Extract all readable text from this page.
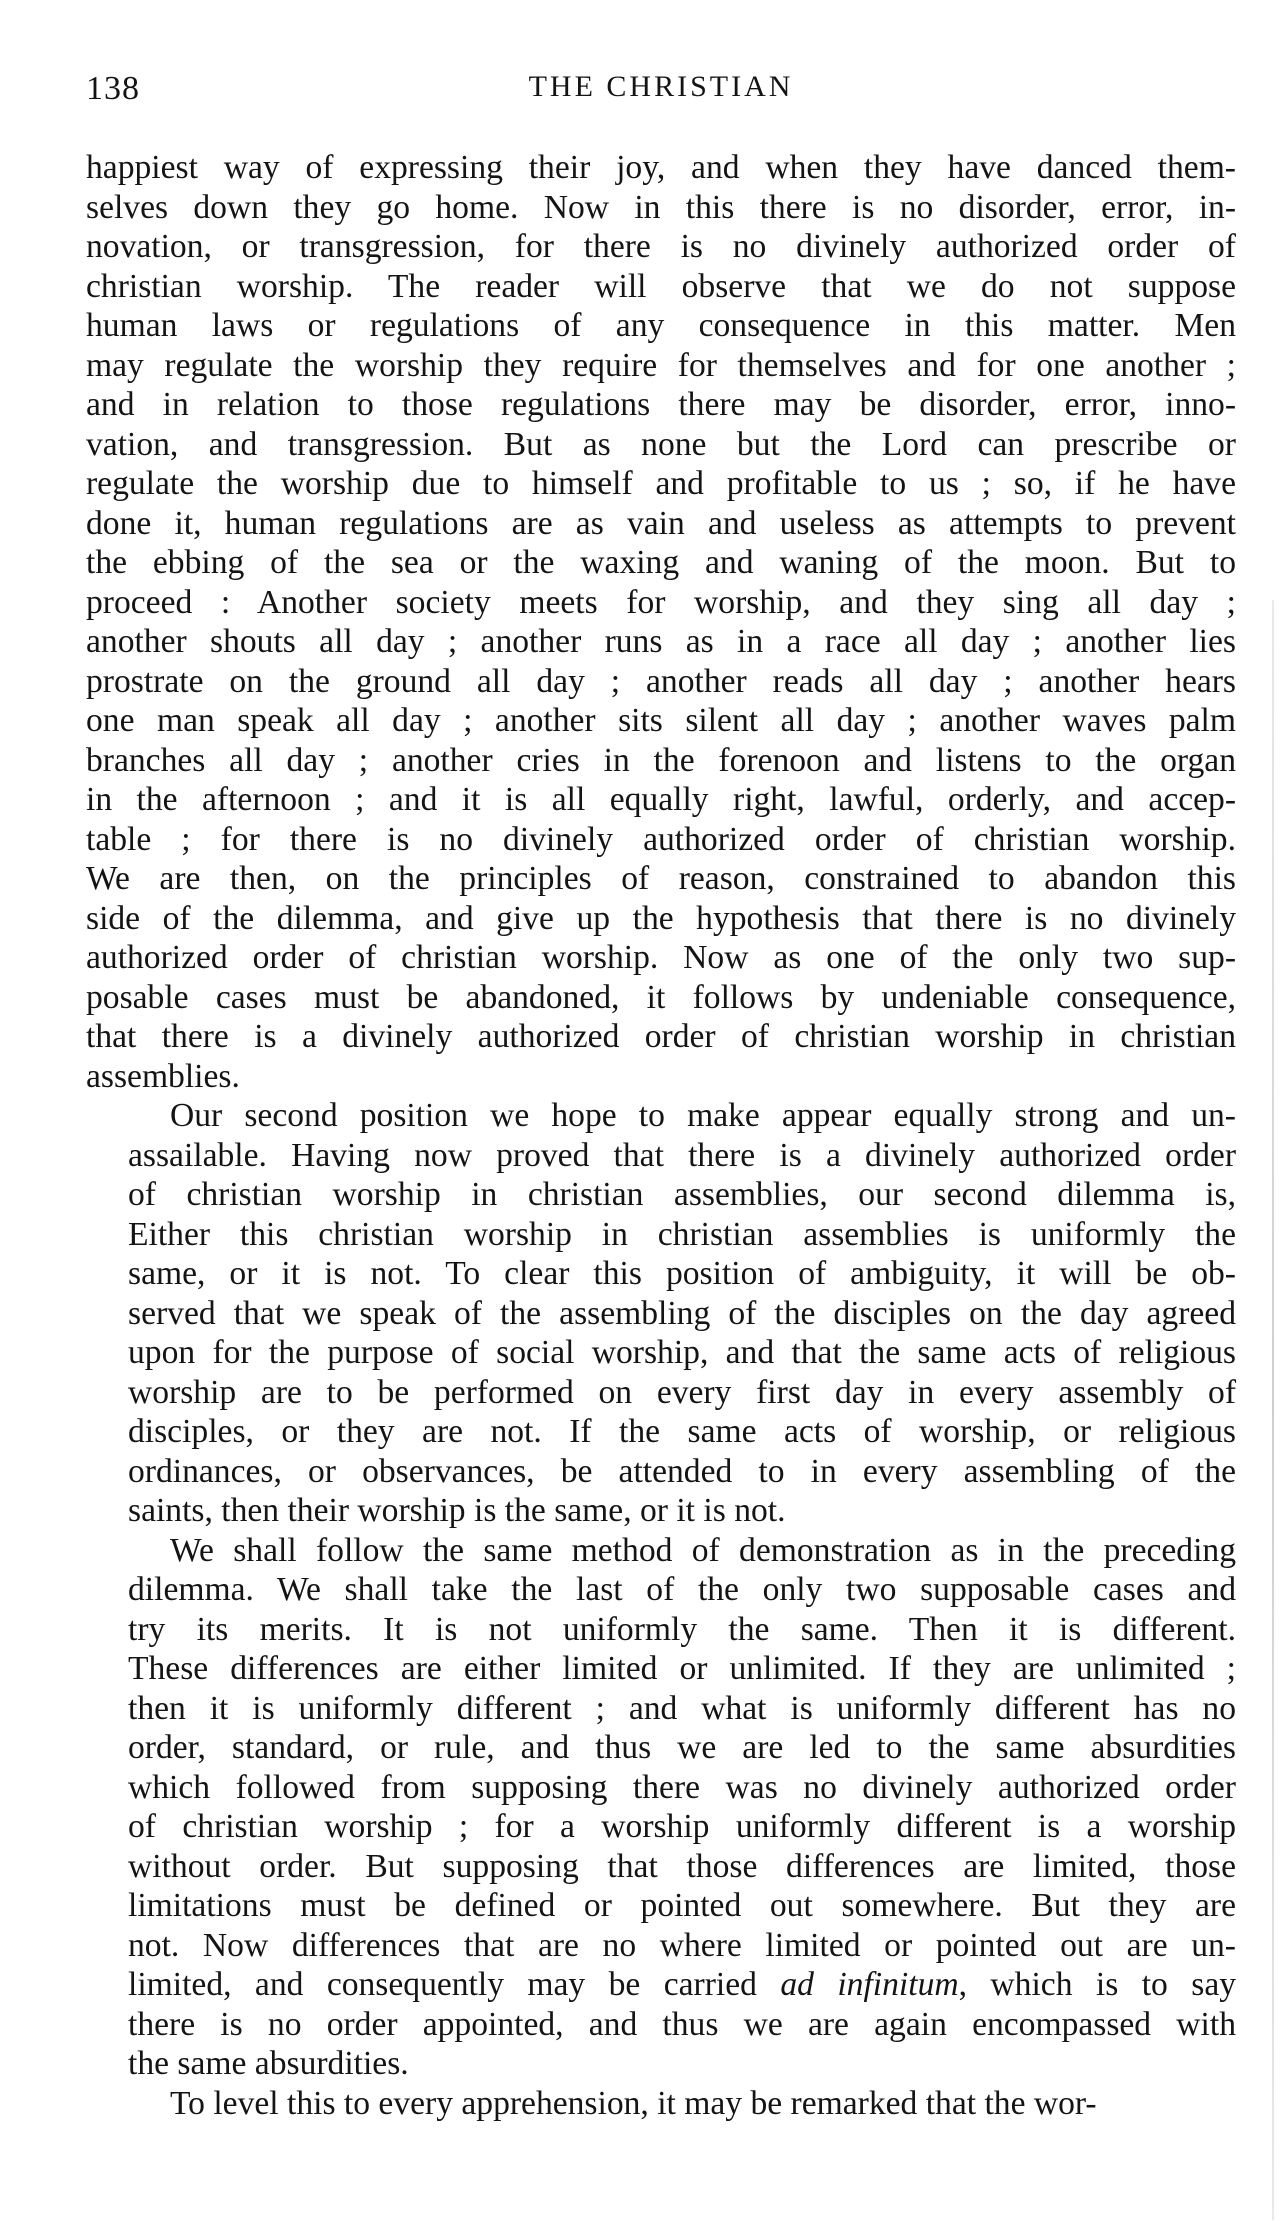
138	THE CHRISTIAN

happiest way of expressing their joy, and when they have danced them-
selves down they go home. Now in this there is no disorder, error, in-
novation, or transgression, for there is no divinely authorized order of
christian worship. The reader will observe that we do not suppose
human laws or regulations of any consequence in this matter. Men
may regulate the worship they require for themselves and for one another ;
and in relation to those regulations there may be disorder, error, inno-
vation, and transgression. But as none but the Lord can prescribe or
regulate the worship due to himself and profitable to us ; so, if he have
done it, human regulations are as vain and useless as attempts to prevent
the ebbing of the sea or the waxing and waning of the moon. But to
proceed : Another society meets for worship, and they sing all day ;
another shouts all day ; another runs as in a race all day ; another lies
prostrate on the ground all day ; another reads all day ; another hears
one man speak all day ; another sits silent all day ; another waves palm
branches all day ; another cries in the forenoon and listens to the organ
in the afternoon ; and it is all equally right, lawful, orderly, and accep-
table ; for there is no divinely authorized order of christian worship.
We are then, on the principles of reason, constrained to abandon this
side of the dilemma, and give up the hypothesis that there is no divinely
authorized order of christian worship. Now as one of the only two sup-
posable cases must be abandoned, it follows by undeniable consequence,
that there is a divinely authorized order of christian worship in christian
assemblies.

Our second position we hope to make appear equally strong and un-
assailable. Having now proved that there is a divinely authorized order
of christian worship in christian assemblies, our second dilemma is,
Either this christian worship in christian assemblies is uniformly the
same, or it is not. To clear this position of ambiguity, it will be ob-
served that we speak of the assembling of the disciples on the day agreed
upon for the purpose of social worship, and that the same acts of religious
worship are to be performed on every first day in every assembly of
disciples, or they are not. If the same acts of worship, or religious
ordinances, or observances, be attended to in every assembling of the
saints, then their worship is the same, or it is not.

We shall follow the same method of demonstration as in the preceding
dilemma. We shall take the last of the only two supposable cases and
try its merits. It is not uniformly the same. Then it is different.
These differences are either limited or unlimited. If they are unlimited ;
then it is uniformly different ; and what is uniformly different has no
order, standard, or rule, and thus we are led to the same absurdities
which followed from supposing there was no divinely authorized order
of christian worship ; for a worship uniformly different is a worship
without order. But supposing that those differences are limited, those
limitations must be defined or pointed out somewhere. But they are
not. Now differences that are no where limited or pointed out are un-
limited, and consequently may be carried ad infinitum, which is to say
there is no order appointed, and thus we are again encompassed with
the same absurdities.

To level this to every apprehension, it may be remarked that the wor-
